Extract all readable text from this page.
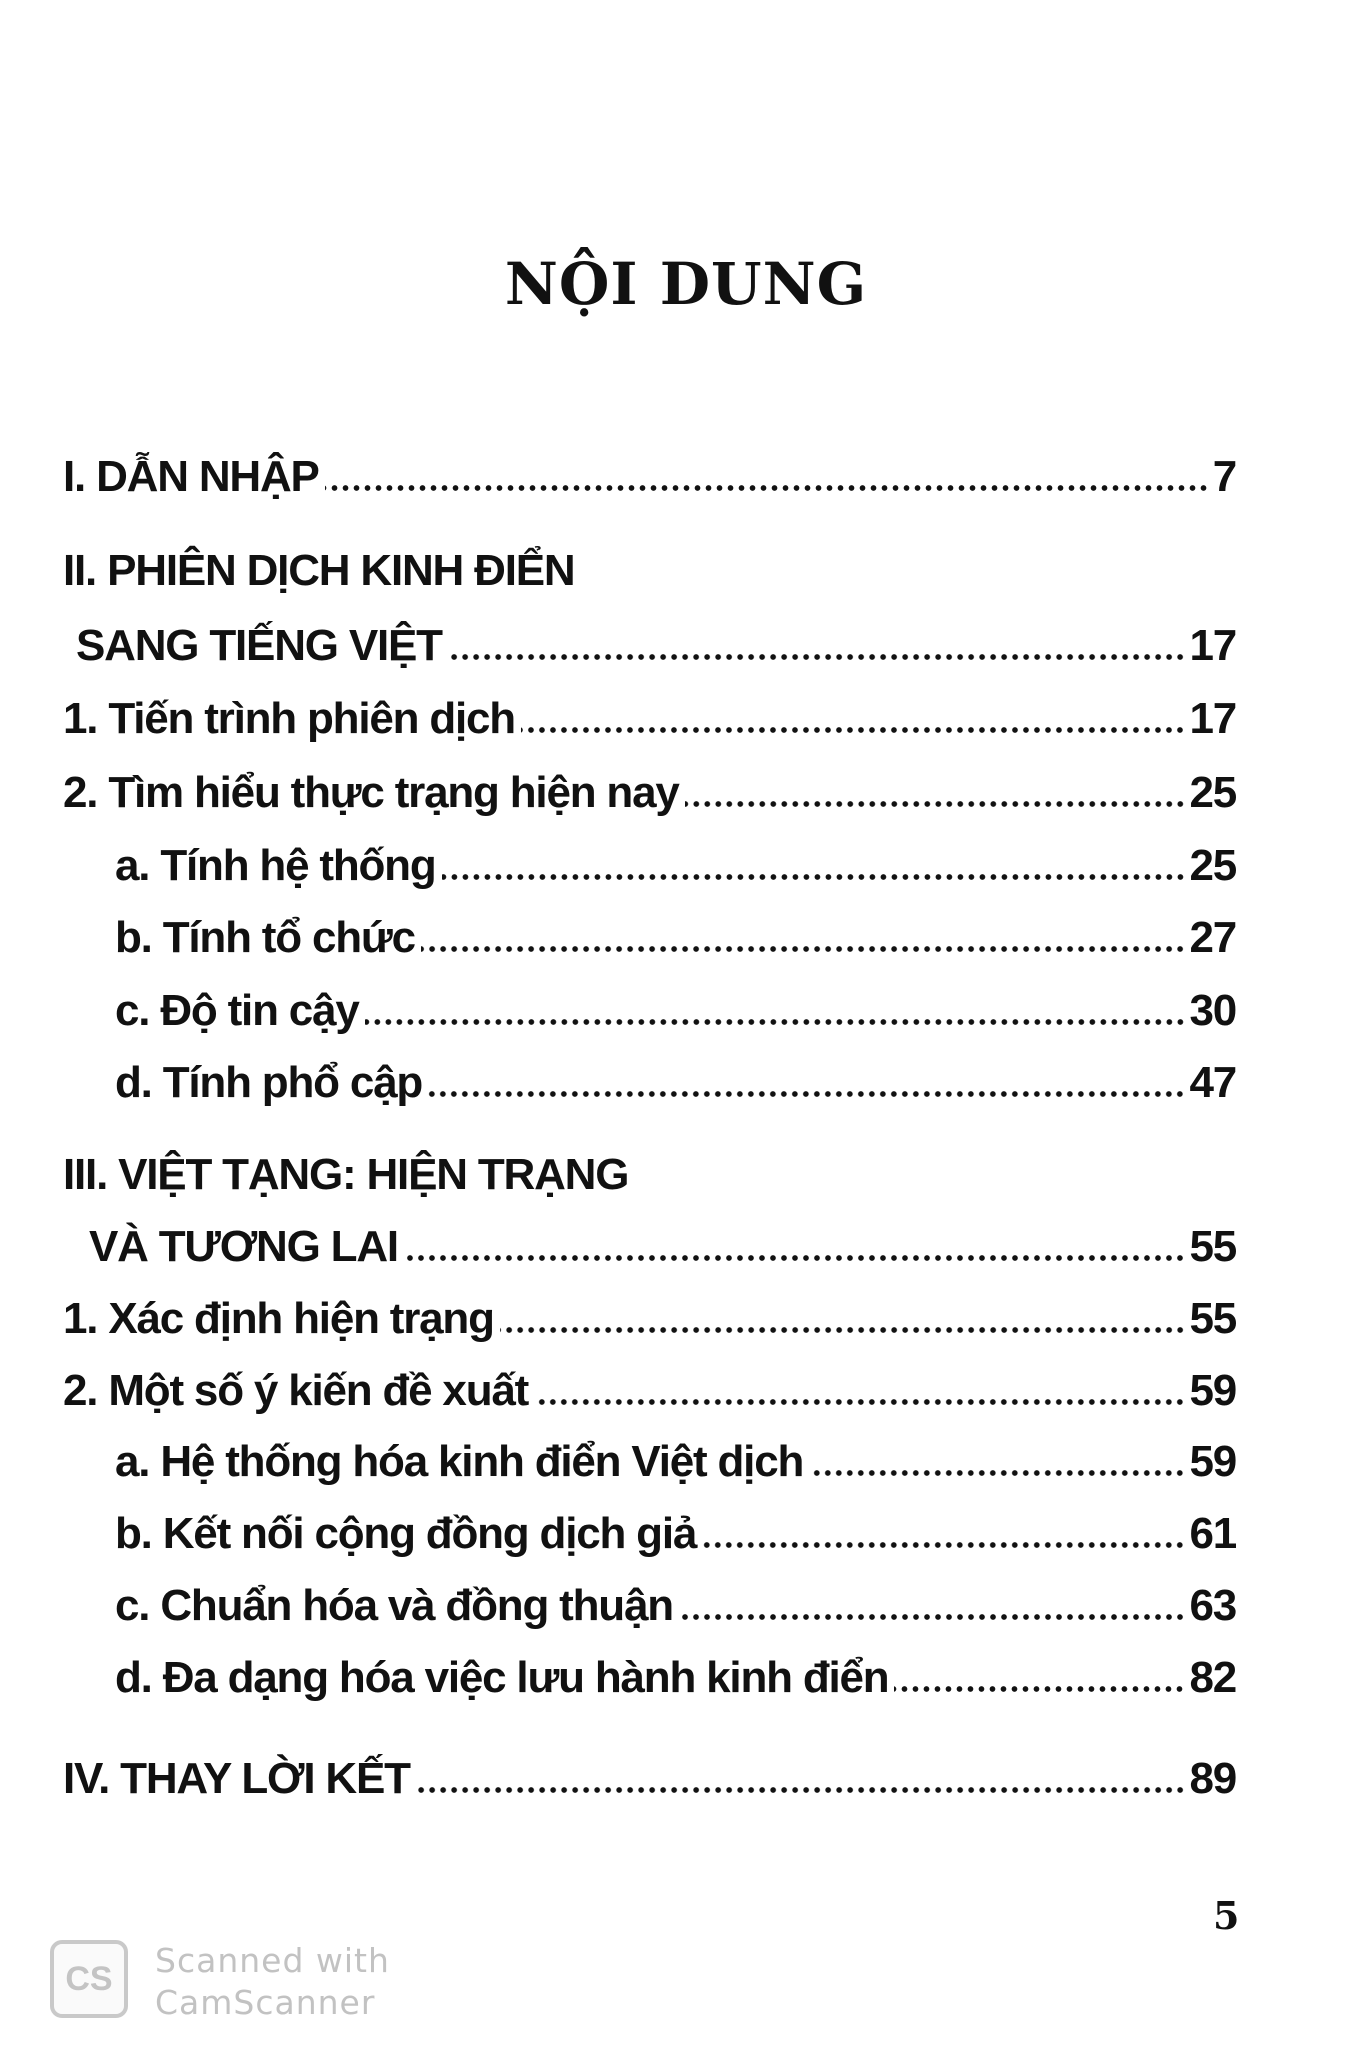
NỘI DUNG
I. DẪN NHẬP	7
II. PHIÊN DỊCH KINH ĐIỂN
SANG TIẾNG VIỆT	17
1. Tiến trình phiên dịch	17
2. Tìm hiểu thực trạng hiện nay	25
a. Tính hệ thống	25
b. Tính tổ chức	27
c. Độ tin cậy	30
d. Tính phổ cập	47
III. VIỆT TẠNG: HIỆN TRẠNG
VÀ TƯƠNG LAI	55
1. Xác định hiện trạng	55
2. Một số ý kiến đề xuất	59
a. Hệ thống hóa kinh điển Việt dịch	59
b. Kết nối cộng đồng dịch giả	61
c. Chuẩn hóa và đồng thuận	63
d. Đa dạng hóa việc lưu hành kinh điển	82
IV. THAY LỜI KẾT	89
5
CS Scanned with
CamScanner
